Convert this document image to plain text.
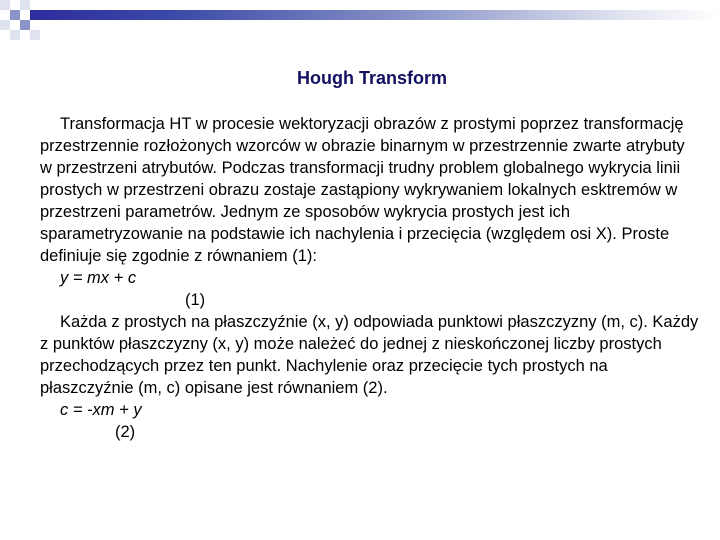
Hough Transform

Transformacja HT w procesie wektoryzacji obrazów z prostymi poprzez transformację przestrzennie rozłożonych wzorców w obrazie binarnym w przestrzennie zwarte atrybuty w przestrzeni atrybutów. Podczas transformacji trudny problem globalnego wykrycia linii prostych w przestrzeni obrazu zostaje zastąpiony wykrywaniem lokalnych esktremów w przestrzeni parametrów. Jednym ze sposobów wykrycia prostych jest ich sparametryzowanie na podstawie ich nachylenia i przecięcia (względem osi X). Proste definiuje się zgodnie z równaniem (1):

y = mx + c

(1)

Każda z prostych na płaszczyźnie (x, y) odpowiada punktowi płaszczyzny (m, c). Każdy z punktów płaszczyzny (x, y) może należeć do jednej z nieskończonej liczby prostych przechodzących przez ten punkt. Nachylenie oraz przecięcie tych prostych na płaszczyźnie (m, c) opisane jest równaniem (2).

c = -xm + y

(2)
